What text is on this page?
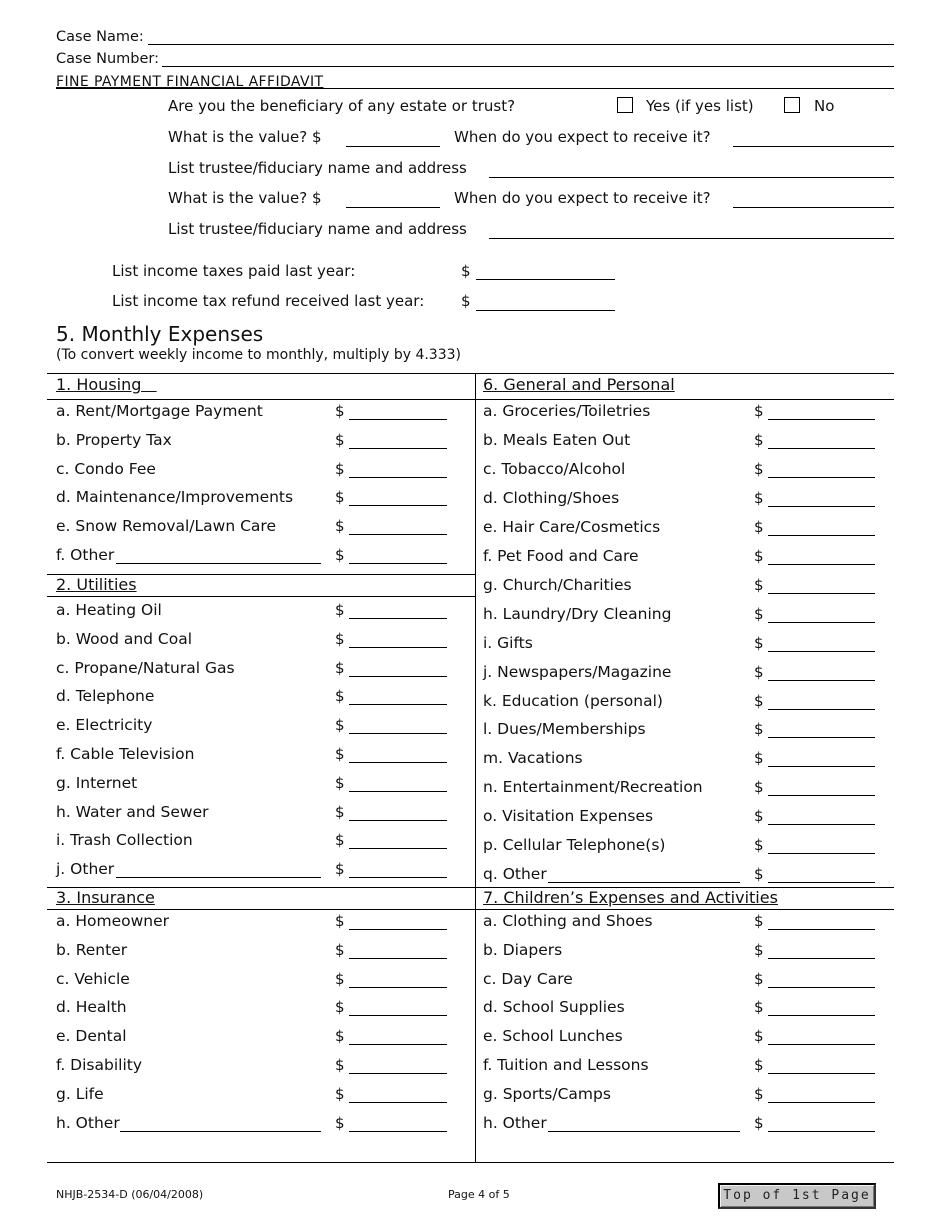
Case Name:
Case Number:
FINE PAYMENT FINANCIAL AFFIDAVIT
Are you the beneficiary of any estate or trust?	Yes (if yes list)	No
What is the value? $	When do you expect to receive it?
List trustee/fiduciary name and address
What is the value? $	When do you expect to receive it?
List trustee/fiduciary name and address
List income taxes paid last year:	$
List income tax refund received last year: $
5. Monthly Expenses
(To convert weekly income to monthly, multiply by 4.333)
1. Housing
a. Rent/Mortgage Payment	$
b. Property Tax	$
c. Condo Fee	$
d. Maintenance/Improvements	$
e. Snow Removal/Lawn Care	$
f. Other	$
2. Utilities
a. Heating Oil	$
b. Wood and Coal	$
c. Propane/Natural Gas	$
d. Telephone	$
e. Electricity	$
f. Cable Television	$
g. Internet	$
h. Water and Sewer	$
i. Trash Collection	$
j. Other	$
3. Insurance
a. Homeowner	$
b. Renter	$
c. Vehicle	$
d. Health	$
e. Dental	$
f. Disability	$
g. Life	$
h. Other	$
6. General and Personal
a. Groceries/Toiletries	$
b. Meals Eaten Out	$
c. Tobacco/Alcohol	$
d. Clothing/Shoes	$
e. Hair Care/Cosmetics	$
f. Pet Food and Care	$
g. Church/Charities	$
h. Laundry/Dry Cleaning	$
i. Gifts	$
j. Newspapers/Magazine	$
k. Education (personal)	$
l. Dues/Memberships	$
m. Vacations	$
n. Entertainment/Recreation	$
o. Visitation Expenses	$
p. Cellular Telephone(s)	$
q. Other	$
7. Children’s Expenses and Activities
a. Clothing and Shoes	$
b. Diapers	$
c. Day Care	$
d. School Supplies	$
e. School Lunches	$
f. Tuition and Lessons	$
g. Sports/Camps	$
h. Other	$
NHJB-2534-D (06/04/2008)	Page 4 of 5	Top of 1st Page
